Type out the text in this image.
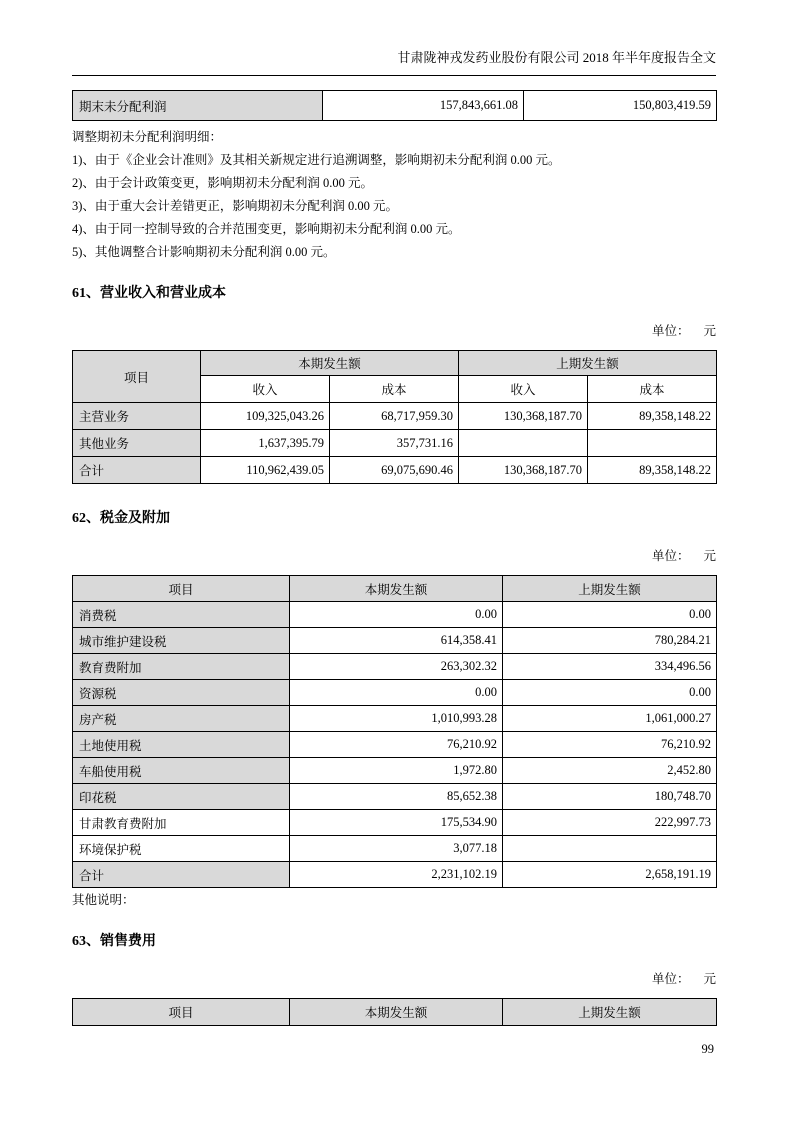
甘肃陇神戎发药业股份有限公司 2018 年半年度报告全文
期末未分配利润	157,843,661.08	150,803,419.59

调整期初未分配利润明细：

1)、由于《企业会计准则》及其相关新规定进行追溯调整，影响期初未分配利润 0.00 元。

2)、由于会计政策变更，影响期初未分配利润 0.00 元。

3)、由于重大会计差错更正，影响期初未分配利润 0.00 元。

4)、由于同一控制导致的合并范围变更，影响期初未分配利润 0.00 元。

5)、其他调整合计影响期初未分配利润 0.00 元。

61、营业收入和营业成本
单位： 元
项目	本期发生额		上期发生额	
	收入	成本	收入	成本
主营业务	109,325,043.26	68,717,959.30	130,368,187.70	89,358,148.22
其他业务	1,637,395.79	357,731.16		
合计	110,962,439.05	69,075,690.46	130,368,187.70	89,358,148.22
62、税金及附加
单位： 元
项目	本期发生额	上期发生额
消费税	0.00	0.00
城市维护建设税	614,358.41	780,284.21
教育费附加	263,302.32	334,496.56
资源税	0.00	0.00
房产税	1,010,993.28	1,061,000.27
土地使用税	76,210.92	76,210.92
车船使用税	1,972.80	2,452.80
印花税	85,652.38	180,748.70
甘肃教育费附加	175,534.90	222,997.73
环境保护税	3,077.18	
合计	2,231,102.19	2,658,191.19

其他说明：

63、销售费用
单位： 元
项目	本期发生额	上期发生额
99
